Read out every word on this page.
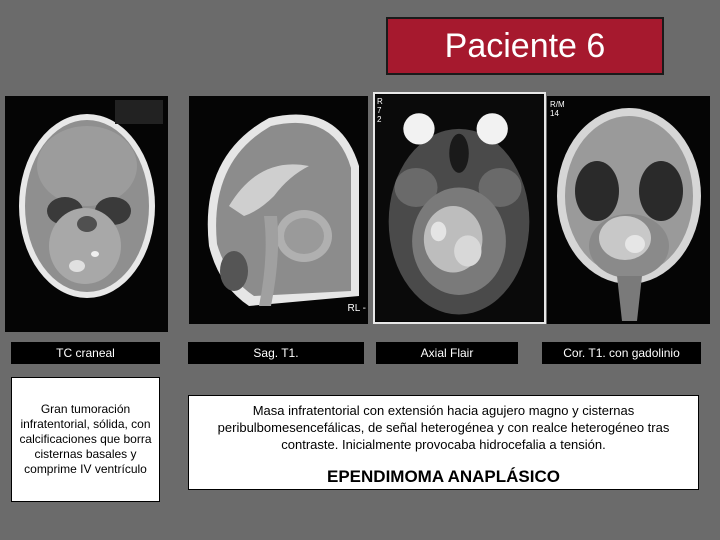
Paciente 6
RL -
R
7
2
R/M
14
TC craneal	Sag. T1.	Axial Flair	Cor. T1. con gadolinio
Gran tumoración infratentorial, sólida, con calcificaciones que borra cisternas basales y comprime IV ventrículo
Masa infratentorial con extensión hacia agujero magno y cisternas peribulbomesencefálicas, de señal heterogénea y con realce heterogéneo tras contraste. Inicialmente provocaba hidrocefalia a tensión.
EPENDIMOMA ANAPLÁSICO
